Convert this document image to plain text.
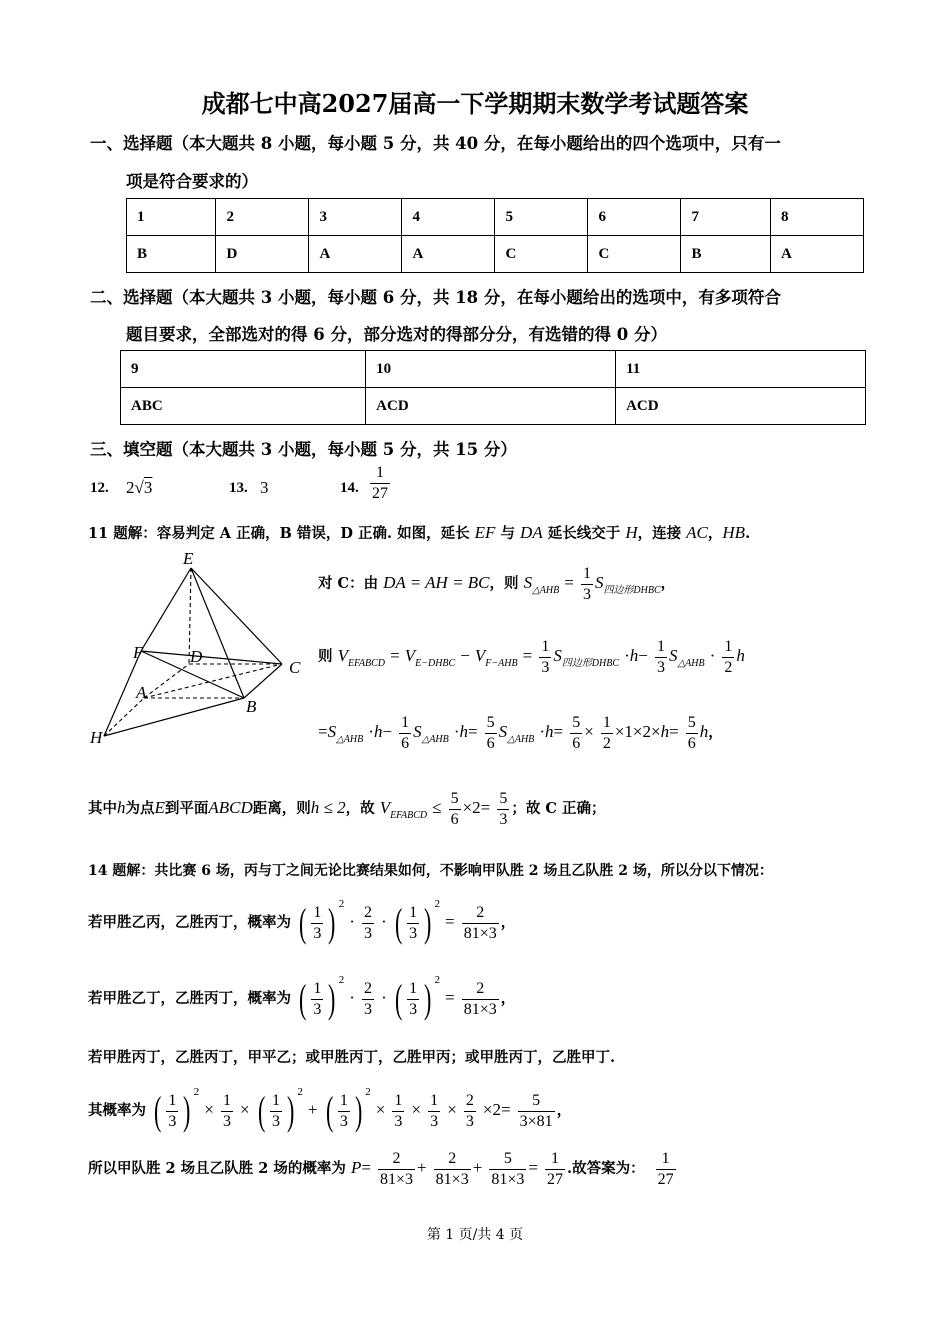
成都七中高2027届高一下学期期末数学考试题答案
一、选择题（本大题共 8 小题，每小题 5 分，共 40 分，在每小题给出的四个选项中，只有一
项是符合要求的）
1	2	3	4	5	6	7	8
B	D	A	A	C	C	B	A
二、选择题（本大题共 3 小题，每小题 6 分，共 18 分，在每小题给出的选项中，有多项符合
题目要求，全部选对的得 6 分，部分选对的得部分分，有选错的得 0 分）
9	10	11
ABC	ACD	ACD
三、填空题（本大题共 3 小题，每小题 5 分，共 15 分）
12. 2√3	13. 3	14. $\frac{1}{27}$
11 题解：容易判定 A 正确，B 错误，D 正确. 如图，延长 EF 与 DA 延长线交于 H，连接 AC，HB.
E
F	D
C
A
B
H
对 C：由 DA = AH = BC，则 $S_{\triangle AHB} = \frac{1}{3} S_{四边形DHBC}$，
则 $V_{EFABCD} = V_{E-DHBC} - V_{F-AHB} = \frac{1}{3} S_{四边形DHBC} \cdot h- \frac{1}{3} S_{\triangle AHB} \cdot \frac{1}{2}$ h
$=S_{\triangle AHB} \cdot h- \frac{1}{6} S_{\triangle AHB} \cdot h= \frac{5}{6} S_{\triangle AHB} \cdot h= \frac{5}{6} \times \frac{1}{2} \times 1\times 2\times h= \frac{5}{6}$ h，
其中h为点E到平面ABCD距离，则h ≤ 2，故 $V_{EFABCD} \le \frac{5}{6} \times 2= \frac{5}{3}$ ；故 C 正确；
14 题解：共比赛 6 场，丙与丁之间无论比赛结果如何，不影响甲队胜 2 场且乙队胜 2 场，所以分以下情况：
若甲胜乙丙，乙胜丙丁，概率为 ( $\frac{1}{3}$ ) $^2 \cdot \frac{2}{3}$ · ( $\frac{1}{3}$ ) $^2 = \frac{2}{81\times 3}$ ，
若甲胜乙丁，乙胜丙丁，概率为 ( $\frac{1}{3}$ ) $^2 \cdot \frac{2}{3}$ · ( $\frac{1}{3}$ ) $^2 = \frac{2}{81\times 3}$ ，
若甲胜丙丁，乙胜丙丁，甲平乙；或甲胜丙丁，乙胜甲丙；或甲胜丙丁，乙胜甲丁.
其概率为 ( $\frac{1}{3}$ ) $^2 \times \frac{1}{3}$ × ( $\frac{1}{3}$ ) $^2$ + ( $\frac{1}{3}$ ) $^2 \times \frac{1}{3} \times \frac{1}{3} \times \frac{2}{3} \times 2= \frac{5}{3\times 81}$ ，
所以甲队胜 2 场且乙队胜 2 场的概率为 $P= \frac{2}{81\times 3} + \frac{2}{81\times 3} + \frac{5}{81\times 3} = \frac{1}{27}$ .故答案为： $\frac{1}{27}$
第 1 页/共 4 页
